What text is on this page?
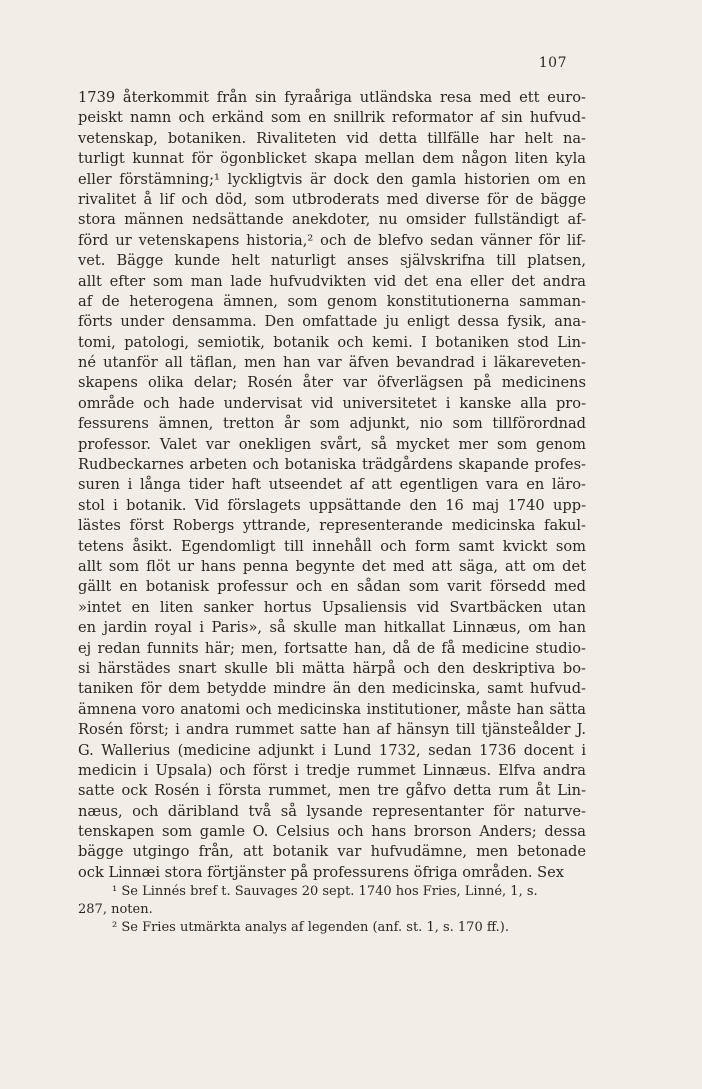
107
1739 återkommit från sin fyraåriga utländska resa med ett euro-
peiskt namn och erkänd som en snillrik reformator af sin hufvud-
vetenskap, botaniken. Rivaliteten vid detta tillfälle har helt na-
turligt kunnat för ögonblicket skapa mellan dem någon liten kyla
eller förstämning;¹ lyckligtvis är dock den gamla historien om en
rivalitet å lif och död, som utbroderats med diverse för de bägge
stora männen nedsättande anekdoter, nu omsider fullständigt af-
förd ur vetenskapens historia,² och de blefvo sedan vänner för lif-
vet. Bägge kunde helt naturligt anses självskrifna till platsen,
allt efter som man lade hufvudvikten vid det ena eller det andra
af de heterogena ämnen, som genom konstitutionerna samman-
förts under densamma. Den omfattade ju enligt dessa fysik, ana-
tomi, patologi, semiotik, botanik och kemi. I botaniken stod Lin-
né utanför all täflan, men han var äfven bevandrad i läkareveten-
skapens olika delar; Rosén åter var öfverlägsen på medicinens
område och hade undervisat vid universitetet i kanske alla pro-
fessurens ämnen, tretton år som adjunkt, nio som tillförordnad
professor. Valet var onekligen svårt, så mycket mer som genom
Rudbeckarnes arbeten och botaniska trädgårdens skapande profes-
suren i långa tider haft utseendet af att egentligen vara en läro-
stol i botanik. Vid förslagets uppsättande den 16 maj 1740 upp-
lästes först Robergs yttrande, representerande medicinska fakul-
tetens åsikt. Egendomligt till innehåll och form samt kvickt som
allt som flöt ur hans penna begynte det med att säga, att om det
gällt en botanisk professur och en sådan som varit försedd med
»intet en liten sanker hortus Upsaliensis vid Svartbäcken utan
en jardin royal i Paris», så skulle man hitkallat Linnæus, om han
ej redan funnits här; men, fortsatte han, då de få medicine studio-
si härstädes snart skulle bli mätta härpå och den deskriptiva bo-
taniken för dem betydde mindre än den medicinska, samt hufvud-
ämnena voro anatomi och medicinska institutioner, måste han sätta
Rosén först; i andra rummet satte han af hänsyn till tjänsteålder J.
G. Wallerius (medicine adjunkt i Lund 1732, sedan 1736 docent i
medicin i Upsala) och först i tredje rummet Linnæus. Elfva andra
satte ock Rosén i första rummet, men tre gåfvo detta rum åt Lin-
næus, och däribland två så lysande representanter för naturve-
tenskapen som gamle O. Celsius och hans brorson Anders; dessa
bägge utgingo från, att botanik var hufvudämne, men betonade
ock Linnæi stora förtjänster på professurens öfriga områden. Sex
¹ Se Linnés bref t. Sauvages 20 sept. 1740 hos Fries, Linné, 1, s.
287, noten.
² Se Fries utmärkta analys af legenden (anf. st. 1, s. 170 ff.).
